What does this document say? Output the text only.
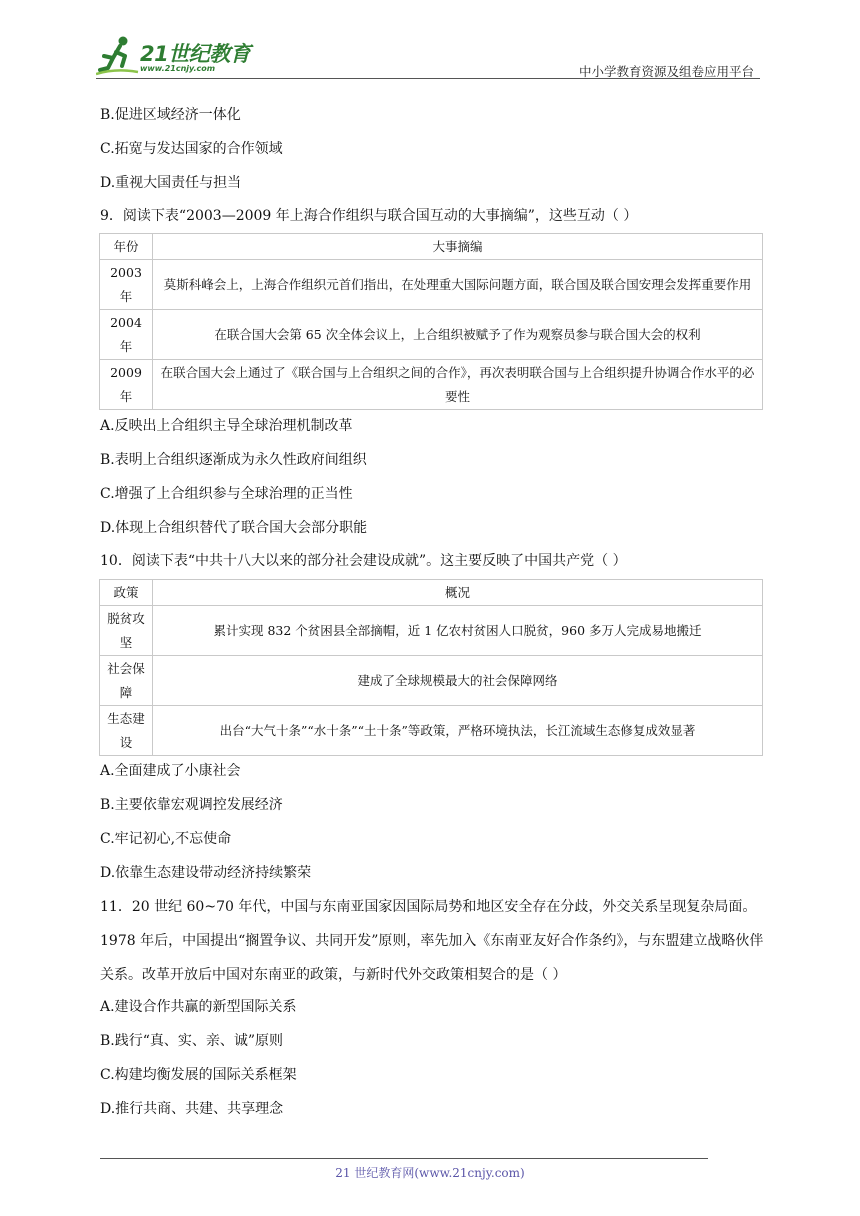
21世纪教育
www.21cnjy.com	中小学教育资源及组卷应用平台
B.促进区域经济一体化
C.拓宽与发达国家的合作领域
D.重视大国责任与担当
9．阅读下表“2003—2009 年上海合作组织与联合国互动的大事摘编”，这些互动（ ）
年份	大事摘编
2003 年	莫斯科峰会上，上海合作组织元首们指出，在处理重大国际问题方面，联合国及联合国安理会发挥重要作用
2004 年	在联合国大会第 65 次全体会议上，上合组织被赋予了作为观察员参与联合国大会的权利
2009 年	在联合国大会上通过了《联合国与上合组织之间的合作》，再次表明联合国与上合组织提升协调合作水平的必要性
A.反映出上合组织主导全球治理机制改革
B.表明上合组织逐渐成为永久性政府间组织
C.增强了上合组织参与全球治理的正当性
D.体现上合组织替代了联合国大会部分职能
10．阅读下表“中共十八大以来的部分社会建设成就”。这主要反映了中国共产党（ ）
政策	概况
脱贫攻坚	累计实现 832 个贫困县全部摘帽，近 1 亿农村贫困人口脱贫，960 多万人完成易地搬迁
社会保障	建成了全球规模最大的社会保障网络
生态建设	出台“大气十条”“水十条”“土十条”等政策，严格环境执法，长江流域生态修复成效显著
A.全面建成了小康社会
B.主要依靠宏观调控发展经济
C.牢记初心,不忘使命
D.依靠生态建设带动经济持续繁荣
11．20 世纪 60~70 年代，中国与东南亚国家因国际局势和地区安全存在分歧，外交关系呈现复杂局面。1978 年后，中国提出“搁置争议、共同开发”原则，率先加入《东南亚友好合作条约》，与东盟建立战略伙伴关系。改革开放后中国对东南亚的政策，与新时代外交政策相契合的是（ ）
A.建设合作共赢的新型国际关系
B.践行“真、实、亲、诚”原则
C.构建均衡发展的国际关系框架
D.推行共商、共建、共享理念
21 世纪教育网(www.21cnjy.com)
